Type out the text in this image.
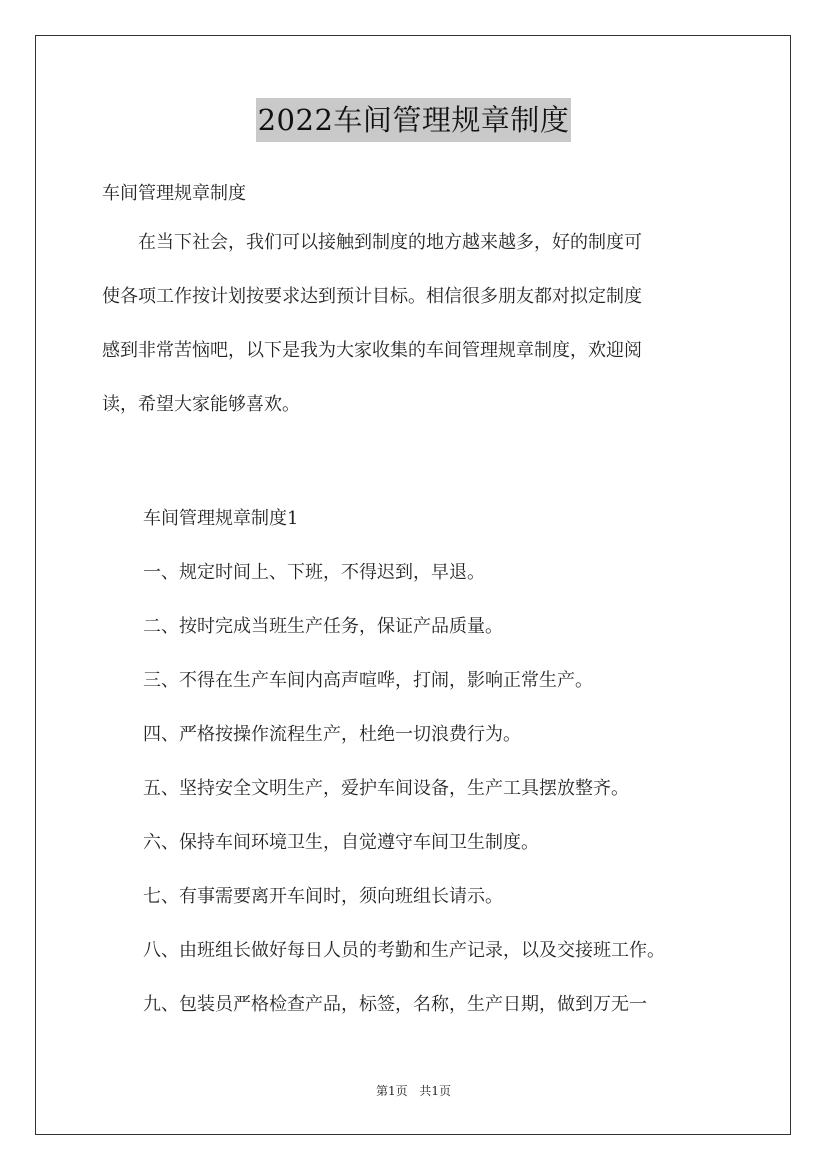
2022车间管理规章制度
车间管理规章制度
　　在当下社会，我们可以接触到制度的地方越来越多，好的制度可
使各项工作按计划按要求达到预计目标。相信很多朋友都对拟定制度
感到非常苦恼吧，以下是我为大家收集的车间管理规章制度，欢迎阅
读，希望大家能够喜欢。
车间管理规章制度1
一、规定时间上、下班，不得迟到，早退。
二、按时完成当班生产任务，保证产品质量。
三、不得在生产车间内高声喧哗，打闹，影响正常生产。
四、严格按操作流程生产，杜绝一切浪费行为。
五、坚持安全文明生产，爱护车间设备，生产工具摆放整齐。
六、保持车间环境卫生，自觉遵守车间卫生制度。
七、有事需要离开车间时，须向班组长请示。
八、由班组长做好每日人员的考勤和生产记录，以及交接班工作。
九、包装员严格检查产品，标签，名称，生产日期，做到万无一
第1页 共1页
